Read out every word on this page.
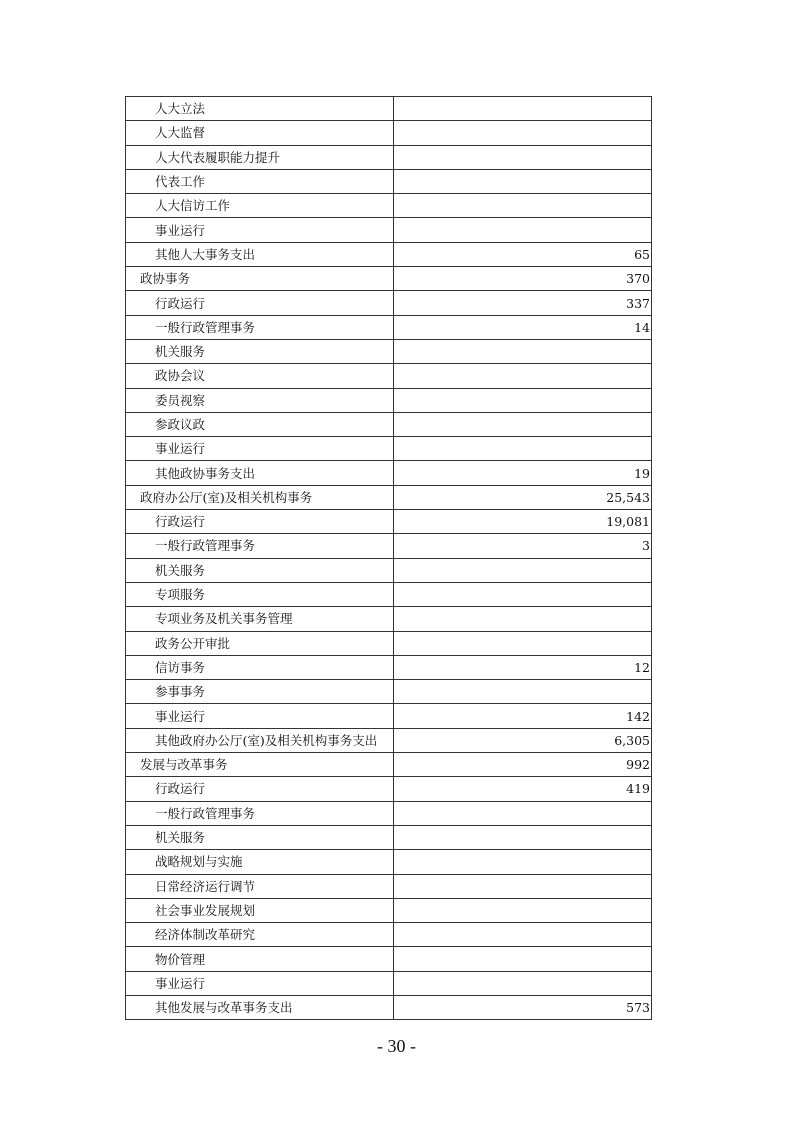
人大立法	
人大监督	
人大代表履职能力提升	
代表工作	
人大信访工作	
事业运行	
其他人大事务支出	65
政协事务	370
行政运行	337
一般行政管理事务	14
机关服务	
政协会议	
委员视察	
参政议政	
事业运行	
其他政协事务支出	19
政府办公厅(室)及相关机构事务	25,543
行政运行	19,081
一般行政管理事务	3
机关服务	
专项服务	
专项业务及机关事务管理	
政务公开审批	
信访事务	12
参事事务	
事业运行	142
其他政府办公厅(室)及相关机构事务支出	6,305
发展与改革事务	992
行政运行	419
一般行政管理事务	
机关服务	
战略规划与实施	
日常经济运行调节	
社会事业发展规划	
经济体制改革研究	
物价管理	
事业运行	
其他发展与改革事务支出	573
- 30 -
